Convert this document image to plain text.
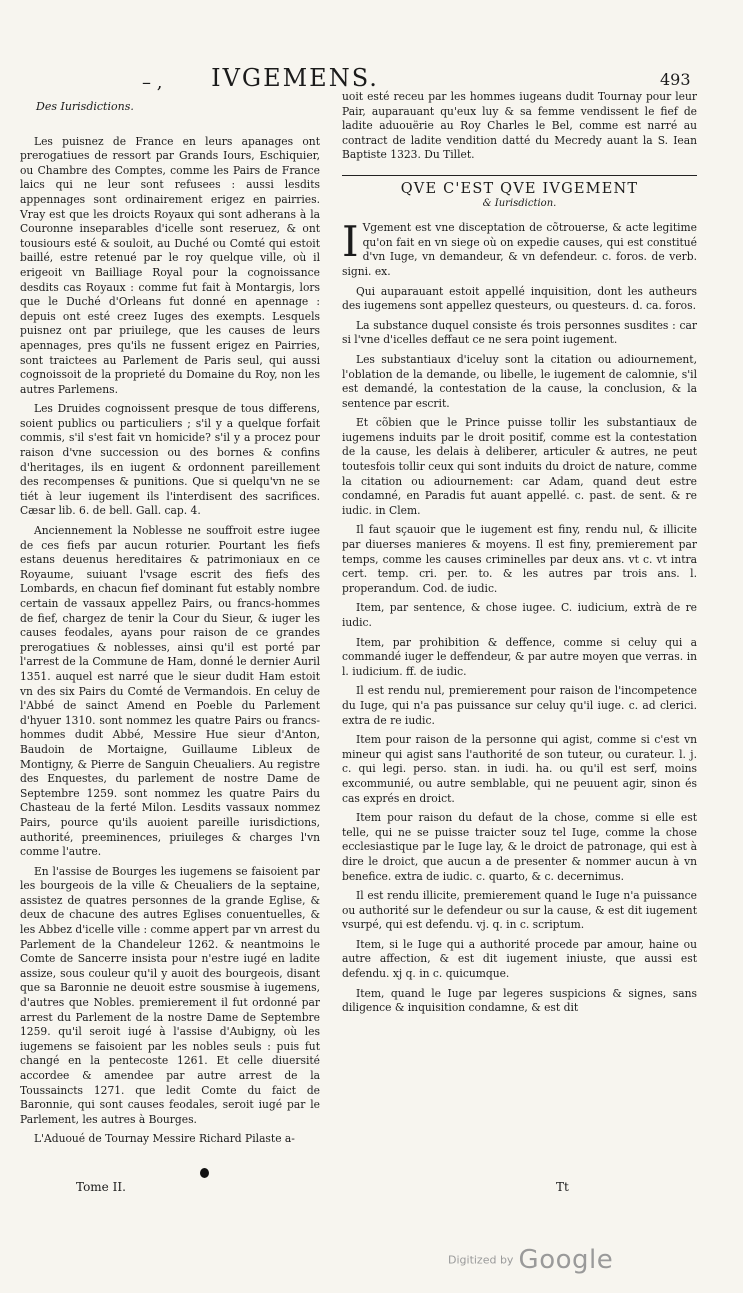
– ,	IVGEMENS.	493
Des Iurisdictions.

Les puisnez de France en leurs apanages ont prerogatiues de ressort par Grands Iours, Eschiquier, ou Chambre des Comptes, comme les Pairs de France laics qui ne leur sont refusees : aussi lesdits appennages sont ordinairement erigez en pairries. Vray est que les droicts Royaux qui sont adherans à la Couronne inseparables d'icelle sont reseruez, & ont tousiours esté & souloit, au Duché ou Comté qui estoit baillé, estre retenué par le roy quelque ville, où il erigeoit vn Bailliage Royal pour la cognoissance desdits cas Royaux : comme fut fait à Montargis, lors que le Duché d'Orleans fut donné en apennage : depuis ont esté creez Iuges des exempts. Lesquels puisnez ont par priuilege, que les causes de leurs apennages, pres qu'ils ne fussent erigez en Pairries, sont traictees au Parlement de Paris seul, qui aussi cognoissoit de la proprieté du Domaine du Roy, non les autres Parlemens.

Les Druides cognoissent presque de tous differens, soient publics ou particuliers ; s'il y a quelque forfait commis, s'il s'est fait vn homicide? s'il y a procez pour raison d'vne succession ou des bornes & confins d'heritages, ils en iugent & ordonnent pareillement des recompenses & punitions. Que si quelqu'vn ne se tiét à leur iugement ils l'interdisent des sacrifices. Cæsar lib. 6. de bell. Gall. cap. 4.

Anciennement la Noblesse ne souffroit estre iugee de ces fiefs par aucun roturier. Pourtant les fiefs estans deuenus hereditaires & patrimoniaux en ce Royaume, suiuant l'vsage escrit des fiefs des Lombards, en chacun fief dominant fut estably nombre certain de vassaux appellez Pairs, ou francs-hommes de fief, chargez de tenir la Cour du Sieur, & iuger les causes feodales, ayans pour raison de ce grandes prerogatiues & noblesses, ainsi qu'il est porté par l'arrest de la Commune de Ham, donné le dernier Auril 1351. auquel est narré que le sieur dudit Ham estoit vn des six Pairs du Comté de Vermandois. En celuy de l'Abbé de sainct Amend en Poeble du Parlement d'hyuer 1310. sont nommez les quatre Pairs ou francs-hommes dudit Abbé, Messire Hue sieur d'Anton, Baudoin de Mortaigne, Guillaume Libleux de Montigny, & Pierre de Sanguin Cheualiers. Au registre des Enquestes, du parlement de nostre Dame de Septembre 1259. sont nommez les quatre Pairs du Chasteau de la ferté Milon. Lesdits vassaux nommez Pairs, pource qu'ils auoient pareille iurisdictions, authorité, preeminences, priuileges & charges l'vn comme l'autre.

En l'assise de Bourges les iugemens se faisoient par les bourgeois de la ville & Cheualiers de la septaine, assistez de quatres personnes de la grande Eglise, & deux de chacune des autres Eglises conuentuelles, & les Abbez d'icelle ville : comme appert par vn arrest du Parlement de la Chandeleur 1262. & neantmoins le Comte de Sancerre insista pour n'estre iugé en ladite assize, sous couleur qu'il y auoit des bourgeois, disant que sa Baronnie ne deuoit estre sousmise à iugemens, d'autres que Nobles. premierement il fut ordonné par arrest du Parlement de la nostre Dame de Septembre 1259. qu'il seroit iugé à l'assise d'Aubigny, où les iugemens se faisoient par les nobles seuls : puis fut changé en la pentecoste 1261. Et celle diuersité accordee & amendee par autre arrest de la Toussaincts 1271. que ledit Comte du faict de Baronnie, qui sont causes feodales, seroit iugé par le Parlement, les autres à Bourges.

L'Aduoué de Tournay Messire Richard Pilaste a-

uoit esté receu par les hommes iugeans dudit Tournay pour leur Pair, auparauant qu'eux luy & sa femme vendissent le fief de ladite aduouërie au Roy Charles le Bel, comme est narré au contract de ladite vendition datté du Mecredy auant la S. Iean Baptiste 1323. Du Tillet.

QVE C'EST QVE IVGEMENT
& Iurisdiction.

I Vgement est vne disceptation de cõtrouerse, & acte legitime qu'on fait en vn siege où on expedie causes, qui est constitué d'vn Iuge, vn demandeur, & vn defendeur. c. foros. de verb. signi. ex.

Qui auparauant estoit appellé inquisition, dont les autheurs des iugemens sont appellez questeurs, ou questeurs. d. ca. foros.

La substance duquel consiste és trois personnes susdites : car si l'vne d'icelles deffaut ce ne sera point iugement.

Les substantiaux d'iceluy sont la citation ou adiournement, l'oblation de la demande, ou libelle, le iugement de calomnie, s'il est demandé, la contestation de la cause, la conclusion, & la sentence par escrit.

Et cõbien que le Prince puisse tollir les substantiaux de iugemens induits par le droit positif, comme est la contestation de la cause, les delais à deliberer, articuler & autres, ne peut toutesfois tollir ceux qui sont induits du droict de nature, comme la citation ou adiournement: car Adam, quand deut estre condamné, en Paradis fut auant appellé. c. past. de sent. & re iudic. in Clem.

Il faut sçauoir que le iugement est finy, rendu nul, & illicite par diuerses manieres & moyens. Il est finy, premierement par temps, comme les causes criminelles par deux ans. vt c. vt intra cert. temp. cri. per. to. & les autres par trois ans. l. properandum. Cod. de iudic.

Item, par sentence, & chose iugee. C. iudicium, extrà de re iudic.

Item, par prohibition & deffence, comme si celuy qui a commandé iuger le deffendeur, & par autre moyen que verras. in l. iudicium. ff. de iudic.

Il est rendu nul, premierement pour raison de l'incompetence du Iuge, qui n'a pas puissance sur celuy qu'il iuge. c. ad clerici. extra de re iudic.

Item pour raison de la personne qui agist, comme si c'est vn mineur qui agist sans l'authorité de son tuteur, ou curateur. l. j. c. qui legi. perso. stan. in iudi. ha. ou qu'il est serf, moins excommunié, ou autre semblable, qui ne peuuent agir, sinon és cas exprés en droict.

Item pour raison du defaut de la chose, comme si elle est telle, qui ne se puisse traicter souz tel Iuge, comme la chose ecclesiastique par le Iuge lay, & le droict de patronage, qui est à dire le droict, que aucun a de presenter & nommer aucun à vn benefice. extra de iudic. c. quarto, & c. decernimus.

Il est rendu illicite, premierement quand le Iuge n'a puissance ou authorité sur le defendeur ou sur la cause, & est dit iugement vsurpé, qui est defendu. vj. q. in c. scriptum.

Item, si le Iuge qui a authorité procede par amour, haine ou autre affection, & est dit iugement iniuste, que aussi est defendu. xj q. in c. quicumque.

Item, quand le Iuge par legeres suspicions & signes, sans diligence & inquisition condamne, & est dit

Tome II.	Tt
Digitized by Google
